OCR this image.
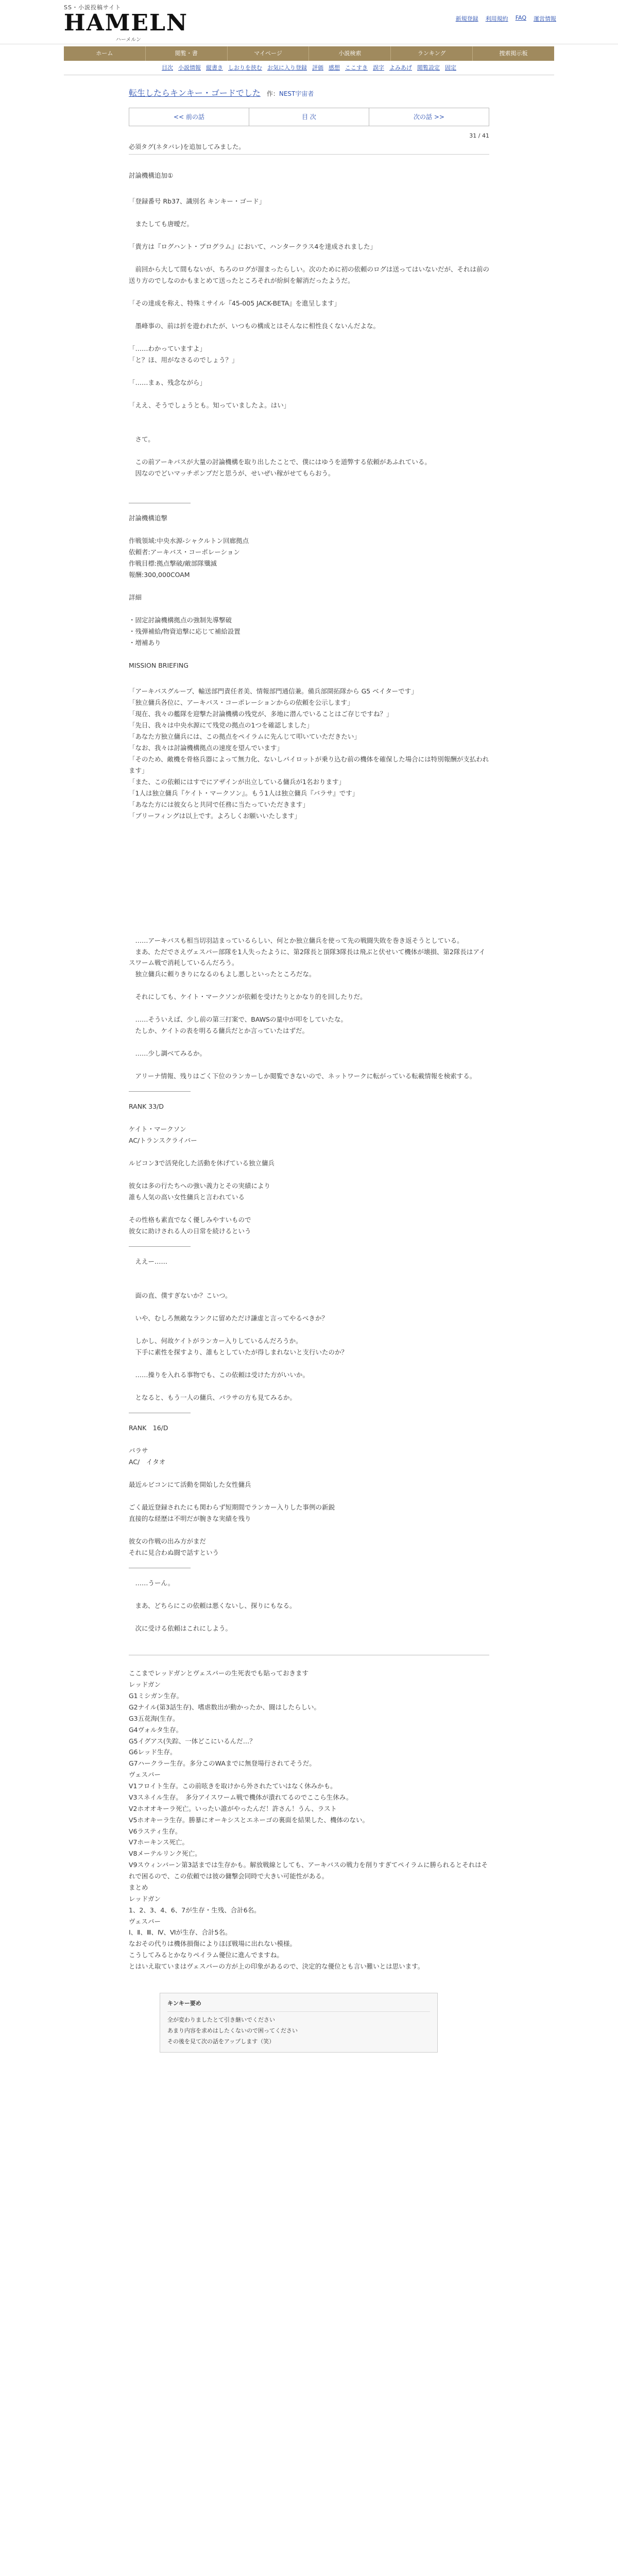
SS・小説投稿サイト
HAMELN
ハーメルン
新規登録 利用規約 FAQ 運営情報
ホーム	閲覧・書	マイページ	小説検索	ランキング	捜索掲示板
目次 小説情報 縦書き しおりを挟む お気に入り登録 評価 感想 ここすき 誤字 よみあげ 閲覧設定 固定
転生したらキンキー・ゴードでした 作：NEST宇宙者
<< 前の話	目 次	次の話 >>
31 / 41
必須タグ(ネタバレ)を追加してみました。

討論機構追加①

「登録番号 Rb37、識別名 キンキー・ゴード」

　またしても唐曖だ。

「貴方は『ログハント・プログラム』において、ハンタークラス4を達成されました」

　前回から大して間もないが、ちろのログが溜まったらしい。次のために初の依頼のログは送ってはいないだが、それは前の送り方のでしなのかもまとめて送ったところそれが紛糾を解消だったようだ。

「その達成を称え、特殊ミサイル『45-005 JACK-BETA』を進呈します」

　墨峰事の、前は折を遊われたが、いつもの構成とはそんなに相性良くないんだよな。

「……わかっていますよ」

「と？ほ、用がなさるのでしょう？」

「……まぁ、残念ながら」

「ええ、そうでしょうとも。知っていましたよ。はい」

　さて。

　この前アーキバスが大量の討論機構を取り出したことで、僕にはゆうを道弊する依頼があふれている。

　因なのでどいマッチポンプだと思うが、せいぜい稼がせてもらおう。

討論機構追撃

作戦領域:中央水源-シャクルトン回廊拠点

依頼者:アーキバス・コーポレーション

作戦目標:拠点撃破/敵部隊殲滅

報酬:300,000COAM

詳細

・固定討論機構拠点の強制先導撃破

・残弾補給/物資追撃に応じて補給設置

・増補あり

MISSION BRIEFING

「アーキバスグループ、輸送部門責任者美、情報部門通信兼。備兵部開拓隊から G5 ベイターです」

「独立傭兵各位に、アーキバス・コーポレーションからの依頼を公示します」

「現在、我々の艦隊を迎撃た討論機構の残党が、多地に潜んでいることはご存じですね？」

「先日、我々は中央水源にて残党の拠点の1つを確認しました」

「あなた方独立傭兵には、この拠点をペイラムに先んじて叩いていただきたい」

「なお、我々は討論機構拠点の速度を望んでいます」

「そのため、敵機を骨格兵器によって無力化、ないしパイロットが乗り込む前の機体を確保した場合には特別報酬が支払われます」

「また、この依頼にはすでにアザインが出立している傭兵が1名おります」

「1人は独立傭兵『ケイト・マークソン』。もう1人は独立傭兵『バラサ』です」

「あなた方には彼女らと共同で任務に当たっていただきます」

「ブリーフィングは以上です。よろしくお願いいたします」

　……アーキバスも相当切羽詰まっているらしい、何とか独立傭兵を使って先の戦闘失敗を巻き返そうとしている。

　まあ、ただでさえヴェスパー部隊を1人失ったように、第2隊長と頂隊3隊長は飛ぶと伏せいて機体が壊損、第2隊長はアイスワーム戦で消耗しているんだろう。

　独立傭兵に頼りきりになるのもよし悪しといったところだな。

　それにしても、ケイト・マークソンが依頼を受けたりとかなり的を回したりだ。

　……そういえば、少し前の第三打案で、BAWSの量中が叩をしていたな。

　たしか、ケイトの表を明るる傭兵だとか言っていたはずだ。

　……少し調べてみるか。

　アリーナ情報、残りはごく下位のランカーしか閲覧できないので、ネットワークに転がっている転載情報を検索する。

RANK 33/D

ケイト・マークソン

AC/トランスクライバー

ルビコン3で活発化した活動を休げている独立傭兵

彼女は多の行たちへの強い義力とその実績により

誰も人気の高い女性傭兵と言われている

その性格も素直でなく優しみやすいもので

彼女に助けされる人の日常を続けるという

　ええー……

　面の直、僕すぎないか？こいつ。

　いや、むしろ無敵なランクに留めただけ謙虚と言ってやるべきか？

　しかし、何故ケイトがランカー入りしているんだろうか。

　下手に素性を探すより、誰もとしていたが得しまれないと支行いたのか？

　……操りを入れる事物でも、この依頼は受けた方がいいか。

　となると、もう一人の傭兵、バラサの方も見てみるか。

RANK　16/D

バラサ

AC/　イタオ

最近ルビコンにて活動を開始した女性傭兵

ごく最近登録されたにも関わらず短期間でランカー入りした事例の新鋭

直接的な経歴は不明だが腕きな実績を残り

彼女の作戦の出み方がまだ

それに見合わぬ闘で話すという

　……うーん。

　まあ、どちらにこの依頼は悪くないし、探りにもなる。

　次に受ける依頼はこれにしよう。

ここまでレッドガンとヴェスパーの生死表でも貼っておきます

レッドガン

G1ミシガン生存。

G2ナイル(第3話生存)、嗜虐数出が動かったか、闘はしたらしい。

G3五花海(生存。

G4ヴォルタ生存。

G5イグアス(失踪、一体どこにいるんだ…？

G6レッド生存。

G7ハークラー生存。多分このWAまでに無登場行されてそうだ。

ヴェスパー

V1フロイト生存。この前呟きを取けから外されたていはなく休みかも。

V3スネイル生存。　多分アイスワーム戦で機体が潰れてるのでここら生休み。

V2ホオオキーラ死亡。いったい誰がやったんだ！許さん！うん、ラスト

V5ホオキーラ生存。勝暴にオーキシスとエネーゴの裏面を結果した、機体のない。

V6ラスティ生存。

V7ホーキンス死亡。

V8メーテルリンク死亡。

V9スウィンバーン第3話までは生存かも。解放戦線としても、アーキバスの戦力を削りすぎてペイラムに勝られるとそれはそれで困るので、この依頼では彼の傭撃会同時で大きい可能性がある。

まとめ

レッドガン

1、2、3、4、6、7が生存・生残、合計6名。

ヴェスパー

Ⅰ、Ⅱ、Ⅲ、Ⅳ、Ⅵが生存、合計5名。

なおその代りは機体損傷によりほぼ戦場に出れない模様。

こうしてみるとかなりペイラム優位に進んでますね。

とはいえ取ていまはヴェスパーの方が上の印象があるので、決定的な優位とも言い難いとは思います。

キンキー要め
全が変わりましたとて引き継いでください
あまり内容を求めはしたくないので困ってください
その後を見て次の話をアップします（笑）
